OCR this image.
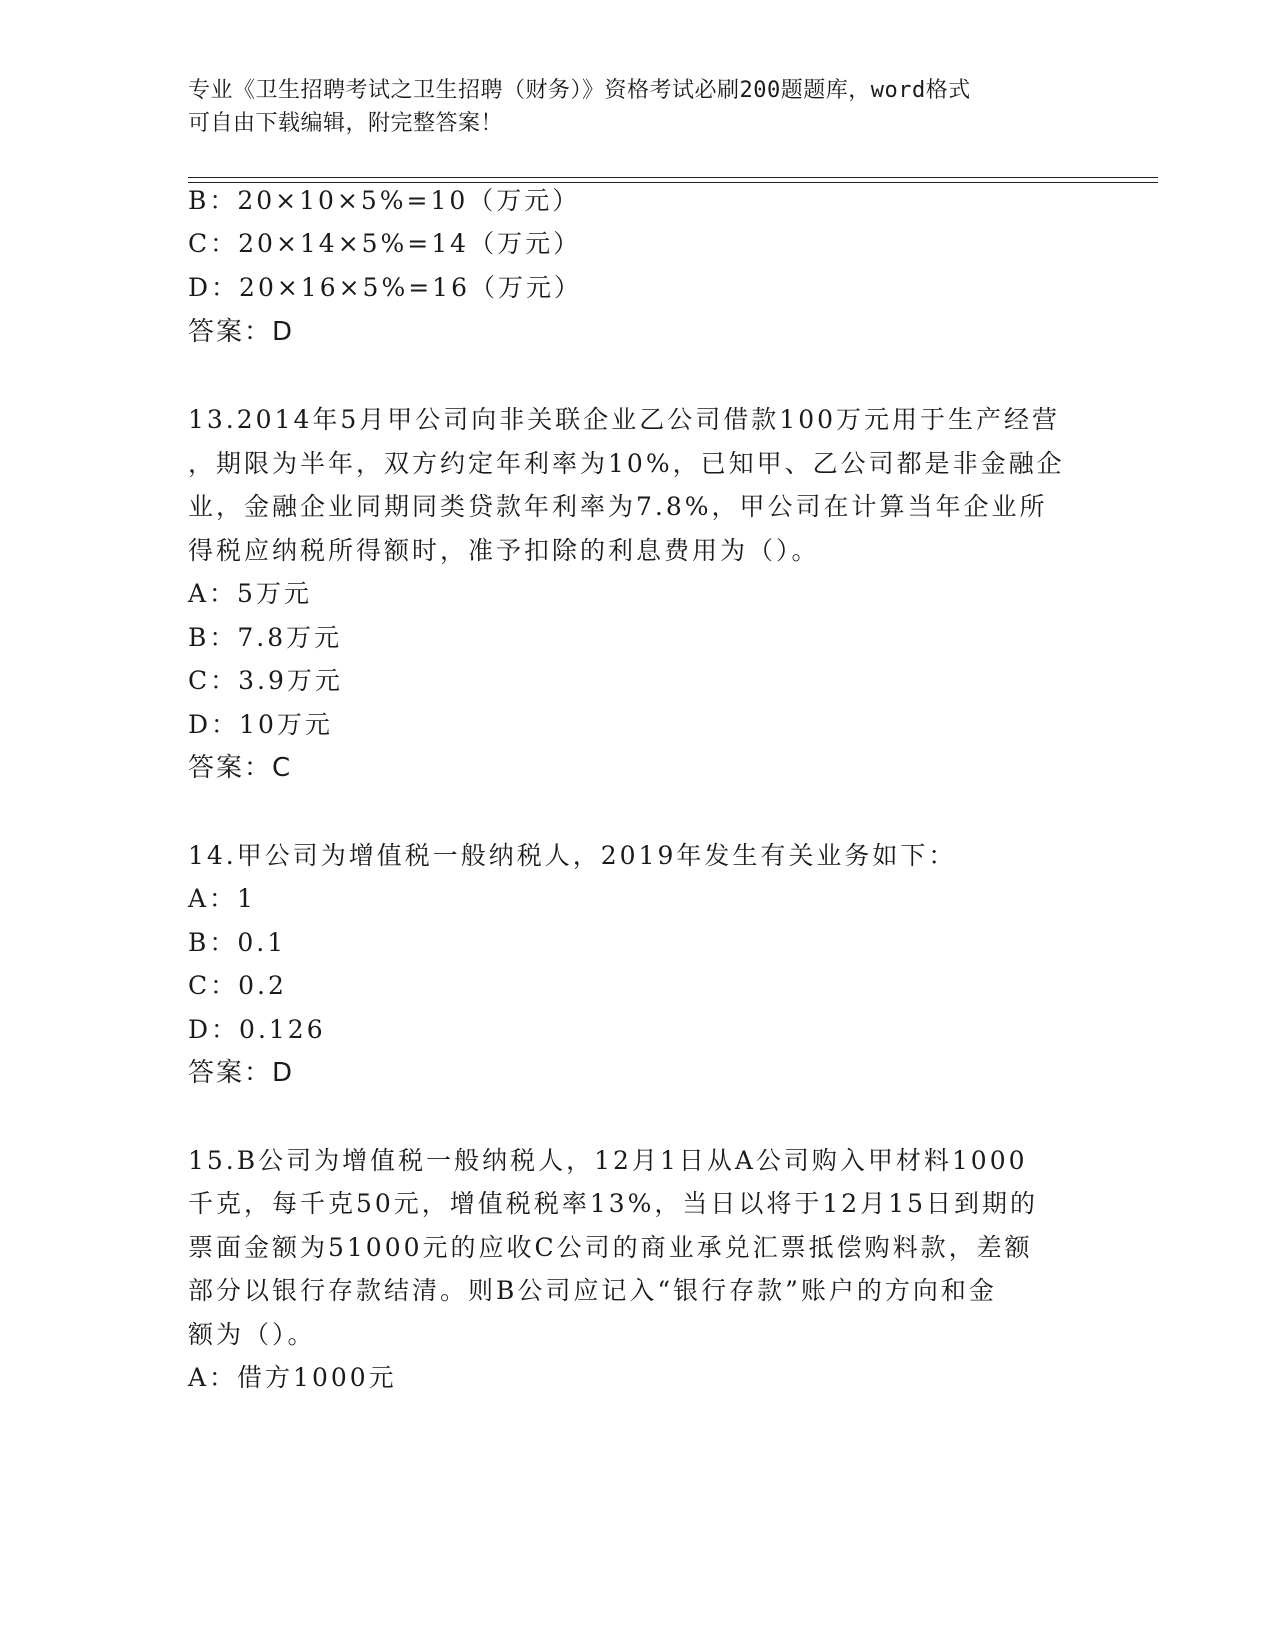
专业《卫生招聘考试之卫生招聘（财务）》资格考试必刷200题题库，word格式
可自由下载编辑，附完整答案！
B：20×10×5%=10（万元）
C：20×14×5%=14（万元）
D：20×16×5%=16（万元）
答案：D
13.2014年5月甲公司向非关联企业乙公司借款100万元用于生产经营
，期限为半年，双方约定年利率为10%，已知甲、乙公司都是非金融企
业，金融企业同期同类贷款年利率为7.8%，甲公司在计算当年企业所
得税应纳税所得额时，准予扣除的利息费用为（）。
A：5万元
B：7.8万元
C：3.9万元
D：10万元
答案：C
14.甲公司为增值税一般纳税人，2019年发生有关业务如下：
A：1
B：0.1
C：0.2
D：0.126
答案：D
15.B公司为增值税一般纳税人，12月1日从A公司购入甲材料1000
千克，每千克50元，增值税税率13%，当日以将于12月15日到期的
票面金额为51000元的应收C公司的商业承兑汇票抵偿购料款，差额
部分以银行存款结清。则B公司应记入“银行存款”账户的方向和金
额为（）。
A：借方1000元
